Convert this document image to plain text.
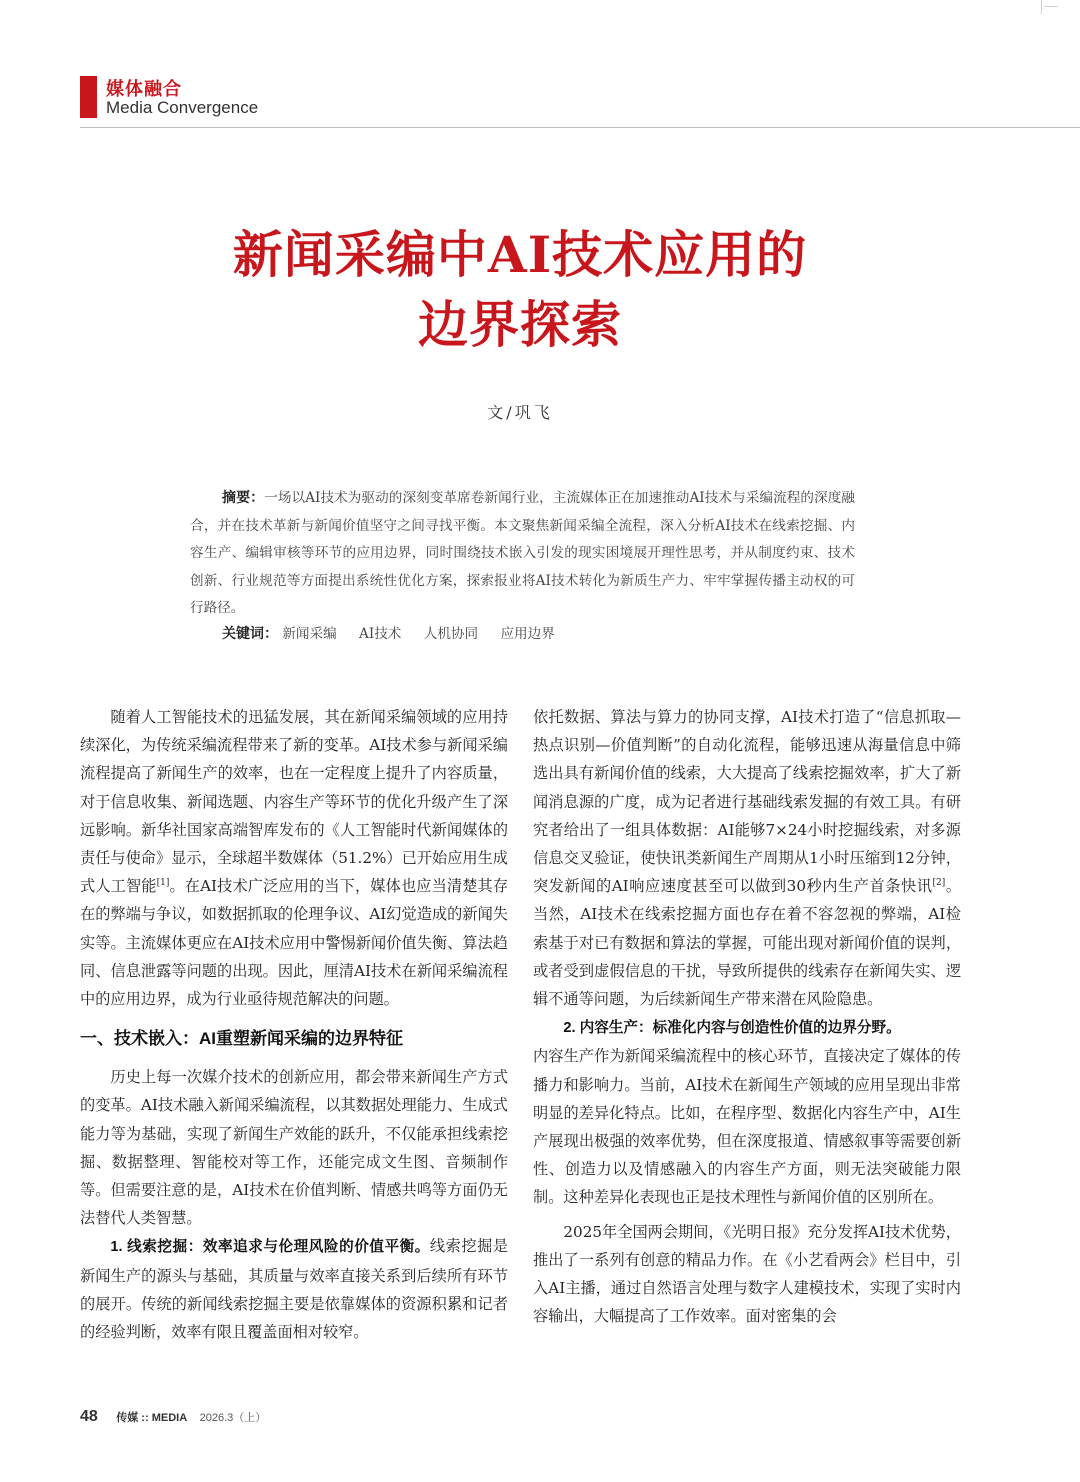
媒体融合
Media Convergence
新闻采编中AI技术应用的
边界探索
文/巩飞
摘要：一场以AI技术为驱动的深刻变革席卷新闻行业，主流媒体正在加速推动AI技术与采编流程的深度融合，并在技术革新与新闻价值坚守之间寻找平衡。本文聚焦新闻采编全流程，深入分析AI技术在线索挖掘、内容生产、编辑审核等环节的应用边界，同时围绕技术嵌入引发的现实困境展开理性思考，并从制度约束、技术创新、行业规范等方面提出系统性优化方案，探索报业将AI技术转化为新质生产力、牢牢掌握传播主动权的可行路径。
关键词： 新闻采编 AI技术 人机协同 应用边界

随着人工智能技术的迅猛发展，其在新闻采编领域的应用持续深化，为传统采编流程带来了新的变革。AI技术参与新闻采编流程提高了新闻生产的效率，也在一定程度上提升了内容质量，对于信息收集、新闻选题、内容生产等环节的优化升级产生了深远影响。新华社国家高端智库发布的《人工智能时代新闻媒体的责任与使命》显示，全球超半数媒体（51.2%）已开始应用生成式人工智能[1]。在AI技术广泛应用的当下，媒体也应当清楚其存在的弊端与争议，如数据抓取的伦理争议、AI幻觉造成的新闻失实等。主流媒体更应在AI技术应用中警惕新闻价值失衡、算法趋同、信息泄露等问题的出现。因此，厘清AI技术在新闻采编流程中的应用边界，成为行业亟待规范解决的问题。

一、技术嵌入：AI重塑新闻采编的边界特征

历史上每一次媒介技术的创新应用，都会带来新闻生产方式的变革。AI技术融入新闻采编流程，以其数据处理能力、生成式能力等为基础，实现了新闻生产效能的跃升，不仅能承担线索挖掘、数据整理、智能校对等工作，还能完成文生图、音频制作等。但需要注意的是，AI技术在价值判断、情感共鸣等方面仍无法替代人类智慧。

1. 线索挖掘：效率追求与伦理风险的价值平衡。线索挖掘是新闻生产的源头与基础，其质量与效率直接关系到后续所有环节的展开。传统的新闻线索挖掘主要是依靠媒体的资源积累和记者的经验判断，效率有限且覆盖面相对较窄。

依托数据、算法与算力的协同支撑，AI技术打造了“信息抓取—热点识别—价值判断”的自动化流程，能够迅速从海量信息中筛选出具有新闻价值的线索，大大提高了线索挖掘效率，扩大了新闻消息源的广度，成为记者进行基础线索发掘的有效工具。有研究者给出了一组具体数据：AI能够7×24小时挖掘线索，对多源信息交叉验证，使快讯类新闻生产周期从1小时压缩到12分钟，突发新闻的AI响应速度甚至可以做到30秒内生产首条快讯[2]。当然，AI技术在线索挖掘方面也存在着不容忽视的弊端，AI检索基于对已有数据和算法的掌握，可能出现对新闻价值的误判，或者受到虚假信息的干扰，导致所提供的线索存在新闻失实、逻辑不通等问题，为后续新闻生产带来潜在风险隐患。

2. 内容生产：标准化内容与创造性价值的边界分野。

内容生产作为新闻采编流程中的核心环节，直接决定了媒体的传播力和影响力。当前，AI技术在新闻生产领域的应用呈现出非常明显的差异化特点。比如，在程序型、数据化内容生产中，AI生产展现出极强的效率优势，但在深度报道、情感叙事等需要创新性、创造力以及情感融入的内容生产方面，则无法突破能力限制。这种差异化表现也正是技术理性与新闻价值的区别所在。

2025年全国两会期间，《光明日报》充分发挥AI技术优势，推出了一系列有创意的精品力作。在《小艺看两会》栏目中，引入AI主播，通过自然语言处理与数字人建模技术，实现了实时内容输出，大幅提高了工作效率。面对密集的会

48 传媒 :: MEDIA 2026.3（上）
